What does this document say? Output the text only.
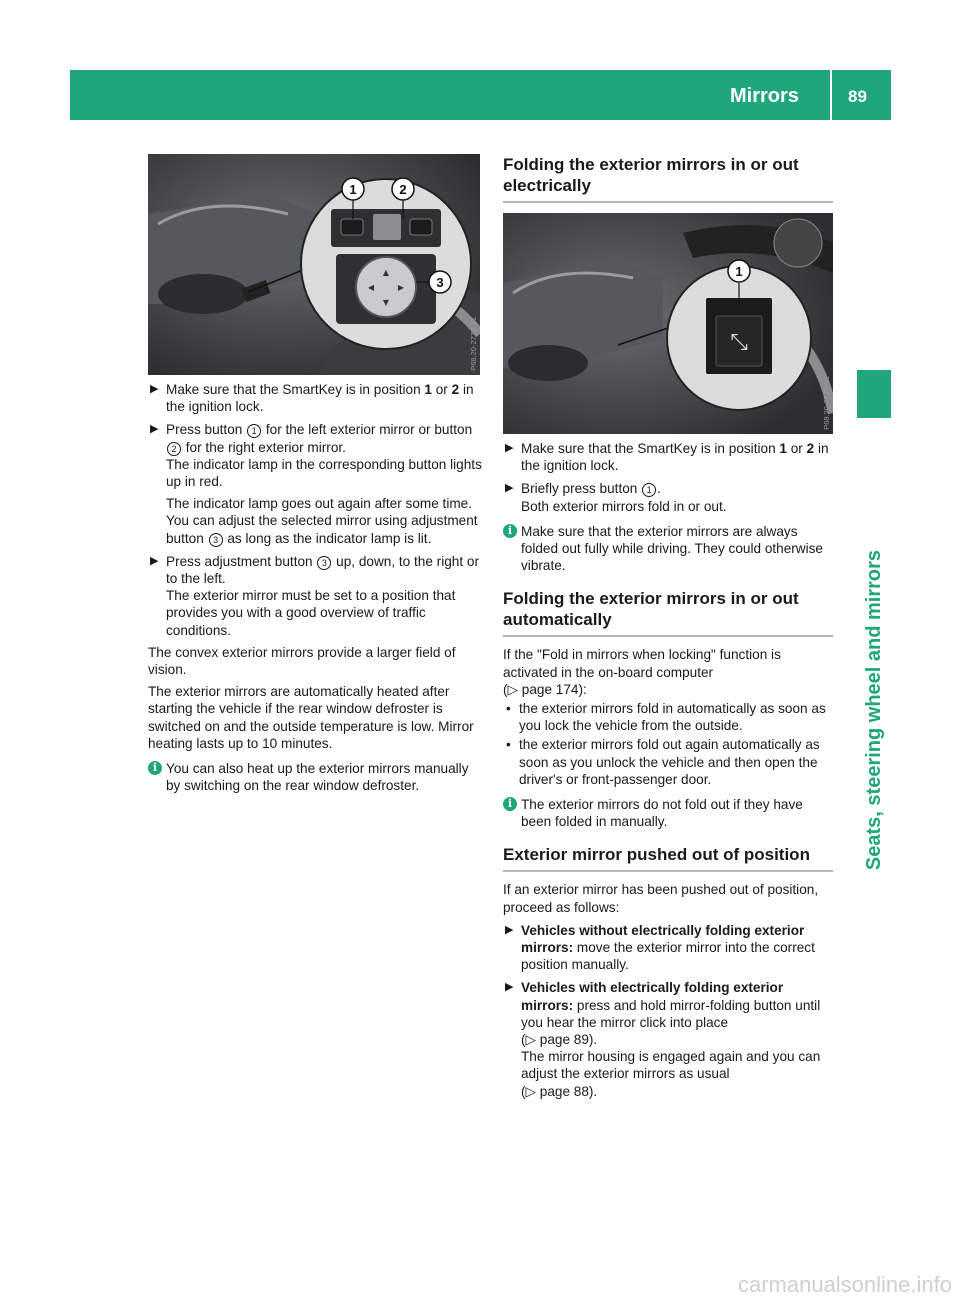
Mirrors	89
Seats, steering wheel and mirrors
▲
▼
◀	▶
1	2
3
P68.20-2772-31
▶ Make sure that the SmartKey is in position 1 or 2 in the ignition lock.
▶ Press button 1 for the left exterior mirror or button 2 for the right exterior mirror.
The indicator lamp in the corresponding button lights up in red.
The indicator lamp goes out again after some time. You can adjust the selected mirror using adjustment button 3 as long as the indicator lamp is lit.
▶ Press adjustment button 3 up, down, to the right or to the left.
The exterior mirror must be set to a position that provides you with a good overview of traffic conditions.
The convex exterior mirrors provide a larger field of vision.
The exterior mirrors are automatically heated after starting the vehicle if the rear window defroster is switched on and the outside temperature is low. Mirror heating lasts up to 10 minutes.
i You can also heat up the exterior mirrors manually by switching on the rear window defroster.
Folding the exterior mirrors in or out electrically
⤡
1
P68.20-2773-31
▶ Make sure that the SmartKey is in position 1 or 2 in the ignition lock.
▶ Briefly press button 1 .
Both exterior mirrors fold in or out.
i Make sure that the exterior mirrors are always folded out fully while driving. They could otherwise vibrate.
Folding the exterior mirrors in or out automatically
If the "Fold in mirrors when locking" function is activated in the on-board computer
(▷ page 174):
• the exterior mirrors fold in automatically as soon as you lock the vehicle from the outside.
• the exterior mirrors fold out again automatically as soon as you unlock the vehicle and then open the driver's or front-passenger door.
i The exterior mirrors do not fold out if they have been folded in manually.
Exterior mirror pushed out of position
If an exterior mirror has been pushed out of position, proceed as follows:
▶ Vehicles without electrically folding exterior mirrors: move the exterior mirror into the correct position manually.
▶ Vehicles with electrically folding exterior mirrors: press and hold mirror-folding button until you hear the mirror click into place
(▷ page 89).
The mirror housing is engaged again and you can adjust the exterior mirrors as usual
(▷ page 88).
carmanualsonline.info
